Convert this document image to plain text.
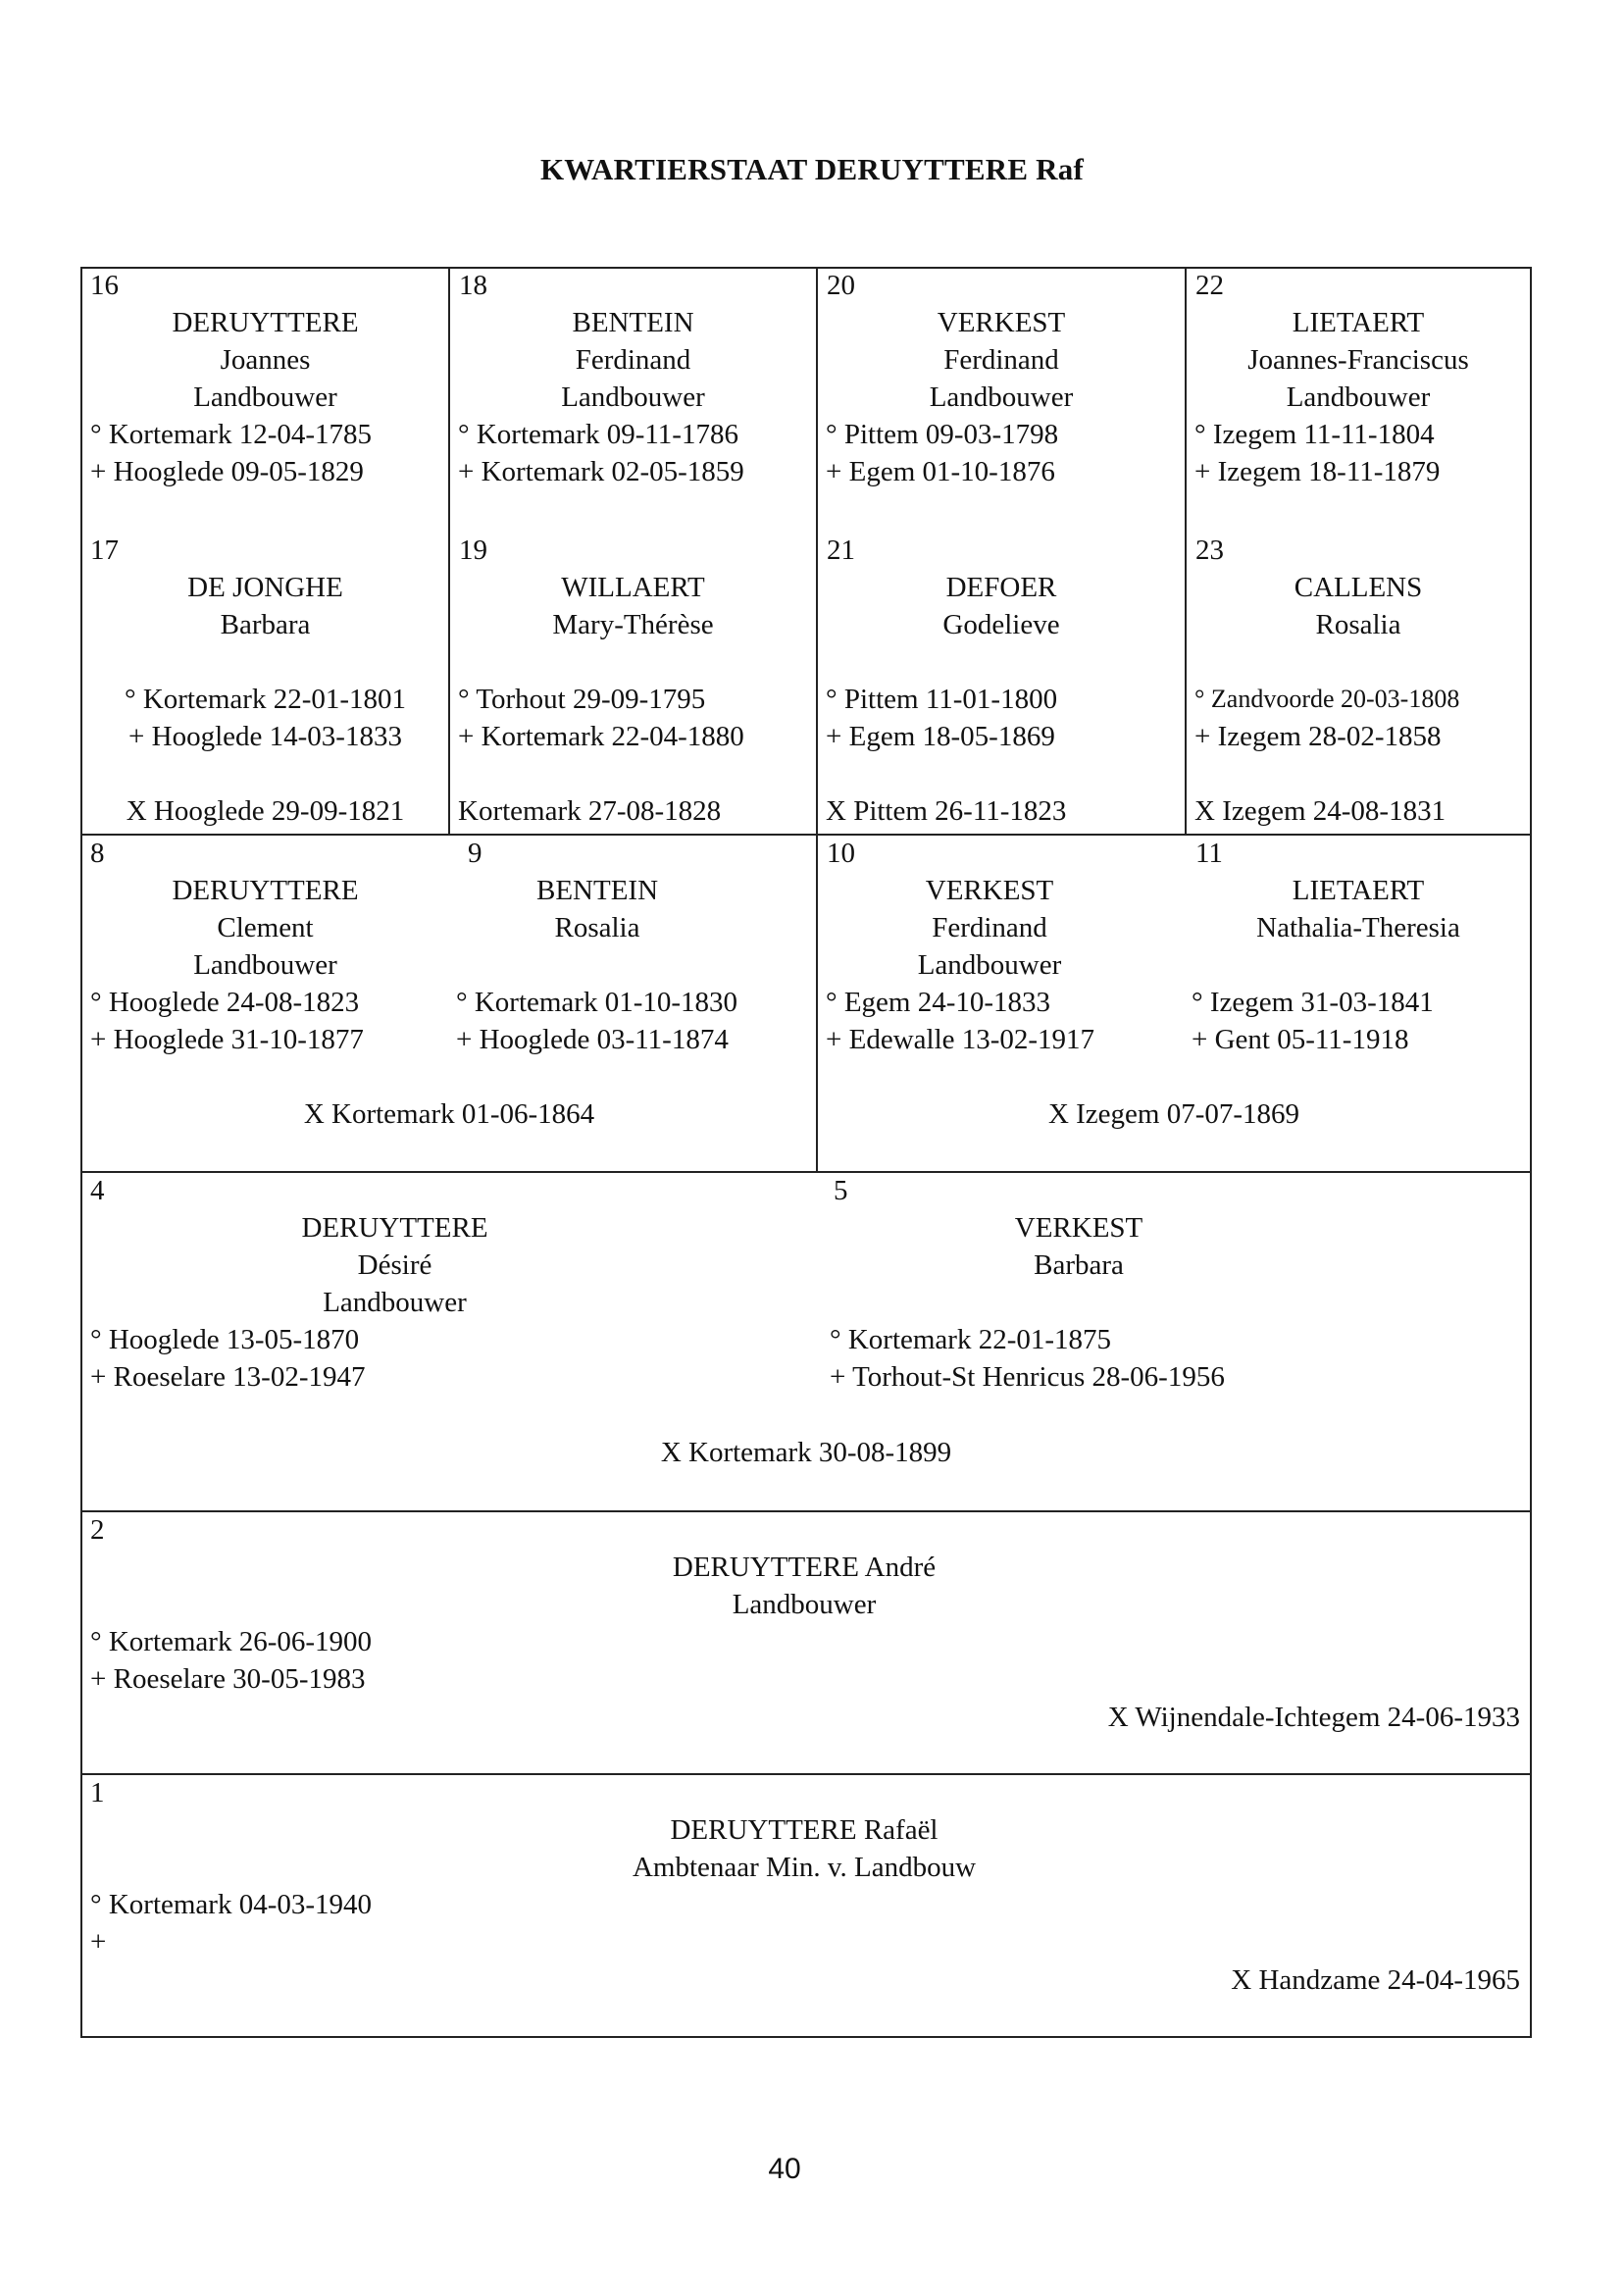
KWARTIERSTAAT DERUYTTERE Raf
16
DERUYTTERE
Joannes
Landbouwer
° Kortemark 12-04-1785
+ Hooglede 09-05-1829
17
DE JONGHE
Barbara
° Kortemark 22-01-1801
+ Hooglede 14-03-1833
X Hooglede 29-09-1821
18
BENTEIN
Ferdinand
Landbouwer
° Kortemark 09-11-1786
+ Kortemark 02-05-1859
19
WILLAERT
Mary-Thérèse
° Torhout 29-09-1795
+ Kortemark 22-04-1880
Kortemark 27-08-1828
20
VERKEST
Ferdinand
Landbouwer
° Pittem 09-03-1798
+ Egem 01-10-1876
21
DEFOER
Godelieve
° Pittem 11-01-1800
+ Egem 18-05-1869
X Pittem 26-11-1823
22
LIETAERT
Joannes-Franciscus
Landbouwer
° Izegem 11-11-1804
+ Izegem 18-11-1879
23
CALLENS
Rosalia
° Zandvoorde 20-03-1808
+ Izegem 28-02-1858
X Izegem 24-08-1831
8
DERUYTTERE
Clement
Landbouwer
° Hooglede 24-08-1823
+ Hooglede 31-10-1877
9
BENTEIN
Rosalia
° Kortemark 01-10-1830
+ Hooglede 03-11-1874
X Kortemark 01-06-1864
10
VERKEST
Ferdinand
Landbouwer
° Egem 24-10-1833
+ Edewalle 13-02-1917
11
LIETAERT
Nathalia-Theresia
° Izegem 31-03-1841
+ Gent 05-11-1918
X Izegem 07-07-1869
4
DERUYTTERE
Désiré
Landbouwer
° Hooglede 13-05-1870
+ Roeselare 13-02-1947
5
VERKEST
Barbara
° Kortemark 22-01-1875
+ Torhout-St Henricus 28-06-1956
X Kortemark 30-08-1899
2
DERUYTTERE André
Landbouwer
° Kortemark 26-06-1900
+ Roeselare 30-05-1983
X Wijnendale-Ichtegem 24-06-1933
1
DERUYTTERE Rafaël
Ambtenaar Min. v. Landbouw
° Kortemark 04-03-1940
+
X Handzame 24-04-1965
40
